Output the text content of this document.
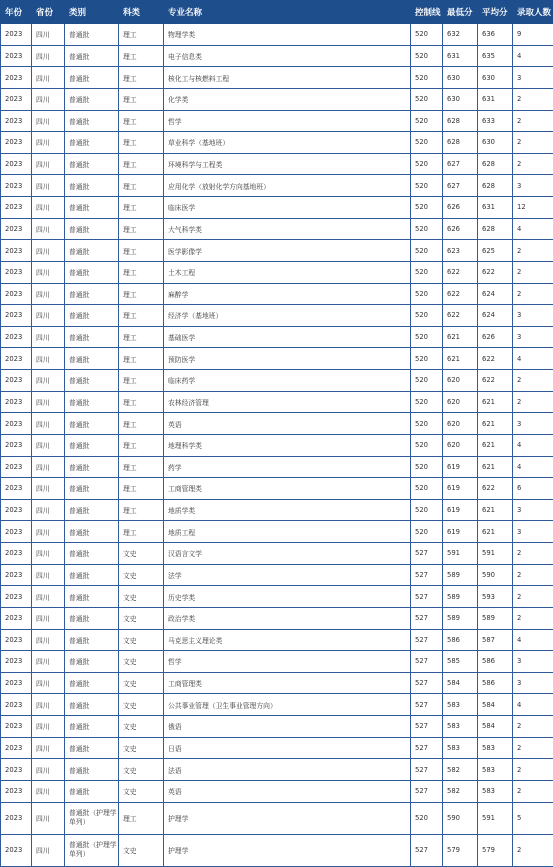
年份	省份	类别	科类	专业名称	控制线	最低分	平均分	录取人数
2023	四川	普通批	理工	物理学类	520	632	636	9
2023	四川	普通批	理工	电子信息类	520	631	635	4
2023	四川	普通批	理工	核化工与核燃料工程	520	630	630	3
2023	四川	普通批	理工	化学类	520	630	631	2
2023	四川	普通批	理工	哲学	520	628	633	2
2023	四川	普通批	理工	草业科学（基地班）	520	628	630	2
2023	四川	普通批	理工	环境科学与工程类	520	627	628	2
2023	四川	普通批	理工	应用化学（放射化学方向基地班）	520	627	628	3
2023	四川	普通批	理工	临床医学	520	626	631	12
2023	四川	普通批	理工	大气科学类	520	626	628	4
2023	四川	普通批	理工	医学影像学	520	623	625	2
2023	四川	普通批	理工	土木工程	520	622	622	2
2023	四川	普通批	理工	麻醉学	520	622	624	2
2023	四川	普通批	理工	经济学（基地班）	520	622	624	3
2023	四川	普通批	理工	基础医学	520	621	626	3
2023	四川	普通批	理工	预防医学	520	621	622	4
2023	四川	普通批	理工	临床药学	520	620	622	2
2023	四川	普通批	理工	农林经济管理	520	620	621	2
2023	四川	普通批	理工	英语	520	620	621	3
2023	四川	普通批	理工	地理科学类	520	620	621	4
2023	四川	普通批	理工	药学	520	619	621	4
2023	四川	普通批	理工	工商管理类	520	619	622	6
2023	四川	普通批	理工	地质学类	520	619	621	3
2023	四川	普通批	理工	地质工程	520	619	621	3
2023	四川	普通批	文史	汉语言文学	527	591	591	2
2023	四川	普通批	文史	法学	527	589	590	2
2023	四川	普通批	文史	历史学类	527	589	593	2
2023	四川	普通批	文史	政治学类	527	589	589	2
2023	四川	普通批	文史	马克思主义理论类	527	586	587	4
2023	四川	普通批	文史	哲学	527	585	586	3
2023	四川	普通批	文史	工商管理类	527	584	586	3
2023	四川	普通批	文史	公共事业管理（卫生事业管理方向）	527	583	584	4
2023	四川	普通批	文史	俄语	527	583	584	2
2023	四川	普通批	文史	日语	527	583	583	2
2023	四川	普通批	文史	法语	527	582	583	2
2023	四川	普通批	文史	英语	527	582	583	2
2023	四川	普通批（护理学单列）	理工	护理学	520	590	591	5
2023	四川	普通批（护理学单列）	文史	护理学	527	579	579	2
